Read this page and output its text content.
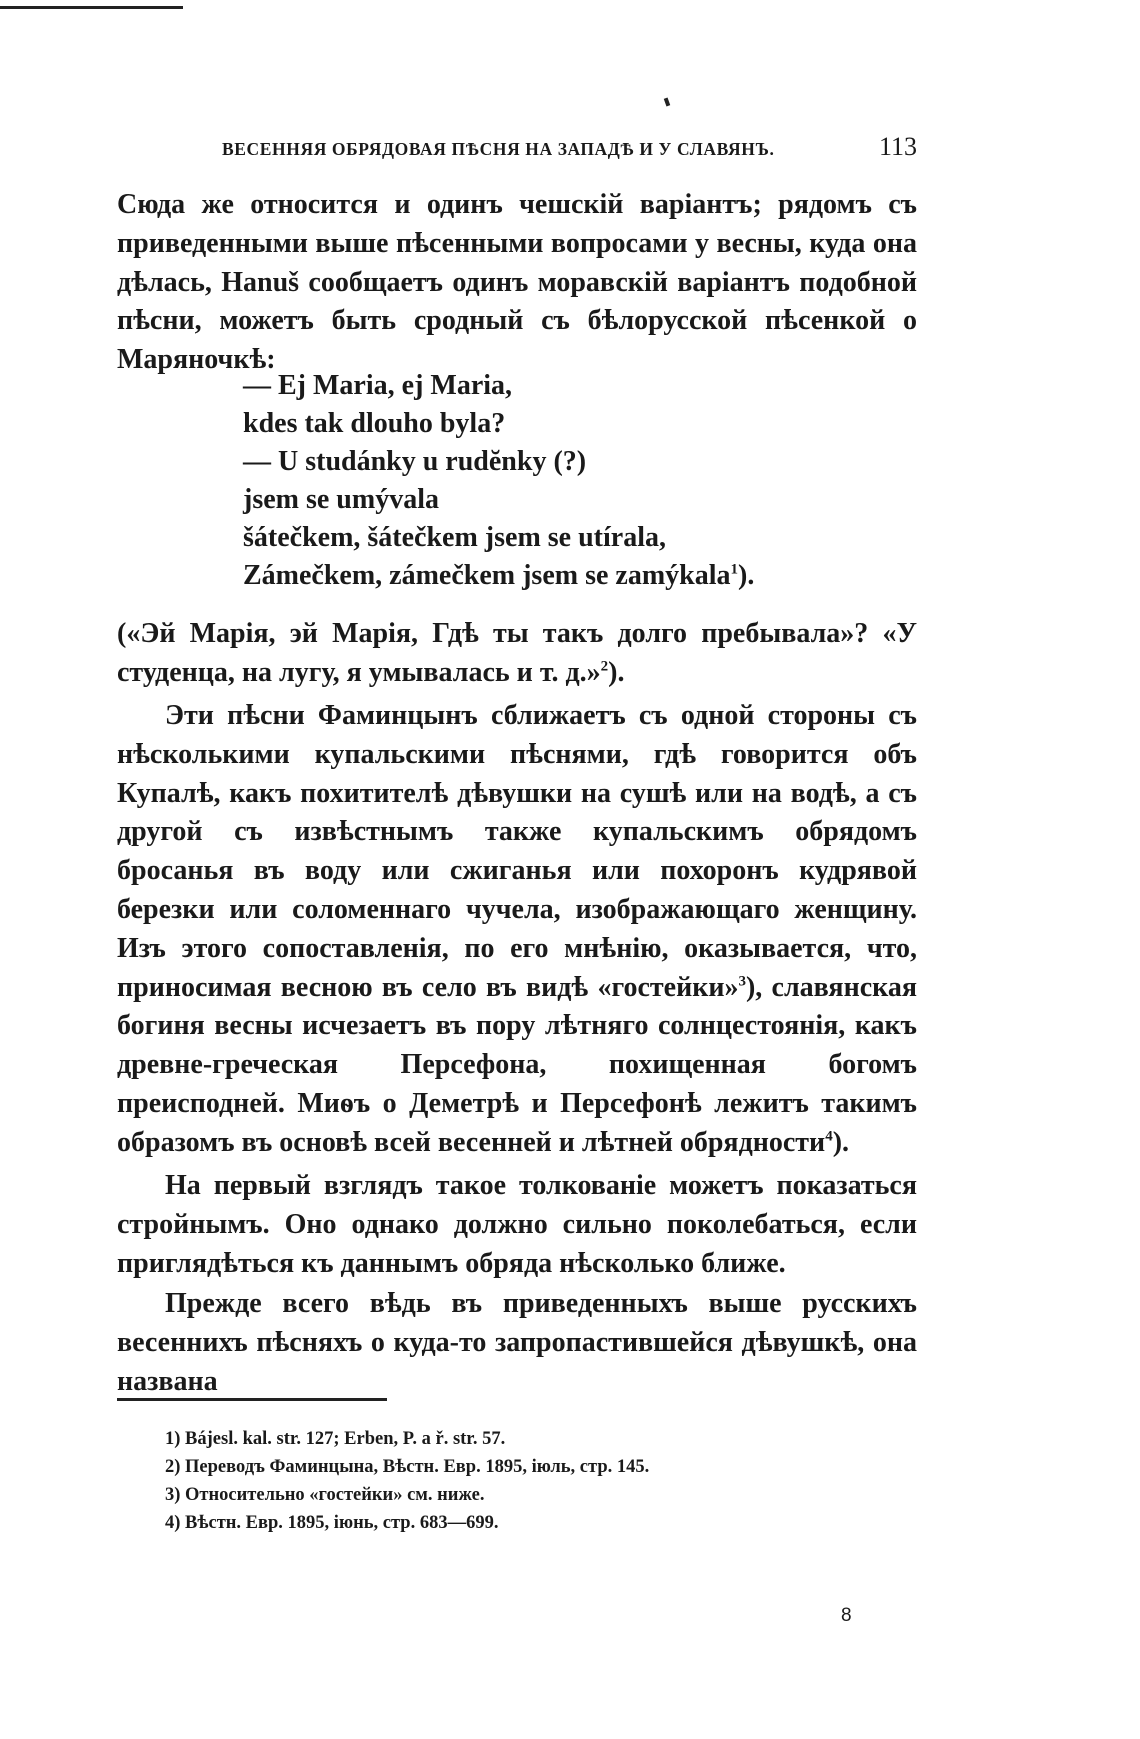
ВЕСЕННЯЯ ОБРЯДОВАЯ ПѢСНЯ НА ЗАПАДѢ И У СЛАВЯНЪ.	113

Сюда же относится и одинъ чешскій варіантъ; рядомъ съ приведенными выше пѣсенными вопросами у весны, куда она дѣлась, Hanuš сообщаетъ одинъ моравскій варіантъ подобной пѣсни, можетъ быть сродный съ бѣлорусской пѣсенкой о Маряночкѣ:

— Ej Maria, ej Maria,
kdes tak dlouho byla?
— U studánky u rudĕnky (?)
jsem se umývala
šátečkem, šátečkem jsem se utírala,
Zámečkem, zámečkem jsem se zamýkala$^1$).

(«Эй Марія, эй Марія, Гдѣ ты такъ долго пребывала»? «У студенца, на лугу, я умывалась и т. д.»$^2$).

Эти пѣсни Фаминцынъ сближаетъ съ одной стороны съ нѣсколькими купальскими пѣснями, гдѣ говорится объ Купалѣ, какъ похитителѣ дѣвушки на сушѣ или на водѣ, а съ другой съ извѣстнымъ также купальскимъ обрядомъ бросанья въ воду или сжиганья или похоронъ кудрявой березки или соломеннаго чучела, изображающаго женщину. Изъ этого сопоставленія, по его мнѣнію, оказывается, что, приносимая весною въ село въ видѣ «гостейки»$^3$), славянская богиня весны исчезаетъ въ пору лѣтняго солнцестоянія, какъ древне-греческая Персефона, похищенная богомъ преисподней. Миѳъ о Деметрѣ и Персефонѣ лежитъ такимъ образомъ въ основѣ всей весенней и лѣтней обрядности$^4$).

На первый взглядъ такое толкованіе можетъ показаться стройнымъ. Оно однако должно сильно поколебаться, если приглядѣться къ даннымъ обряда нѣсколько ближе.

Прежде всего вѣдь въ приведенныхъ выше русскихъ весеннихъ пѣсняхъ о куда-то запропастившейся дѣвушкѣ, она названа

1) Bájesl. kal. str. 127; Erben, P. a ř. str. 57.
2) Переводъ Фаминцына, Вѣстн. Евр. 1895, іюль, стр. 145.
3) Относительно «гостейки» см. ниже.
4) Вѣстн. Евр. 1895, іюнь, стр. 683—699.
8
